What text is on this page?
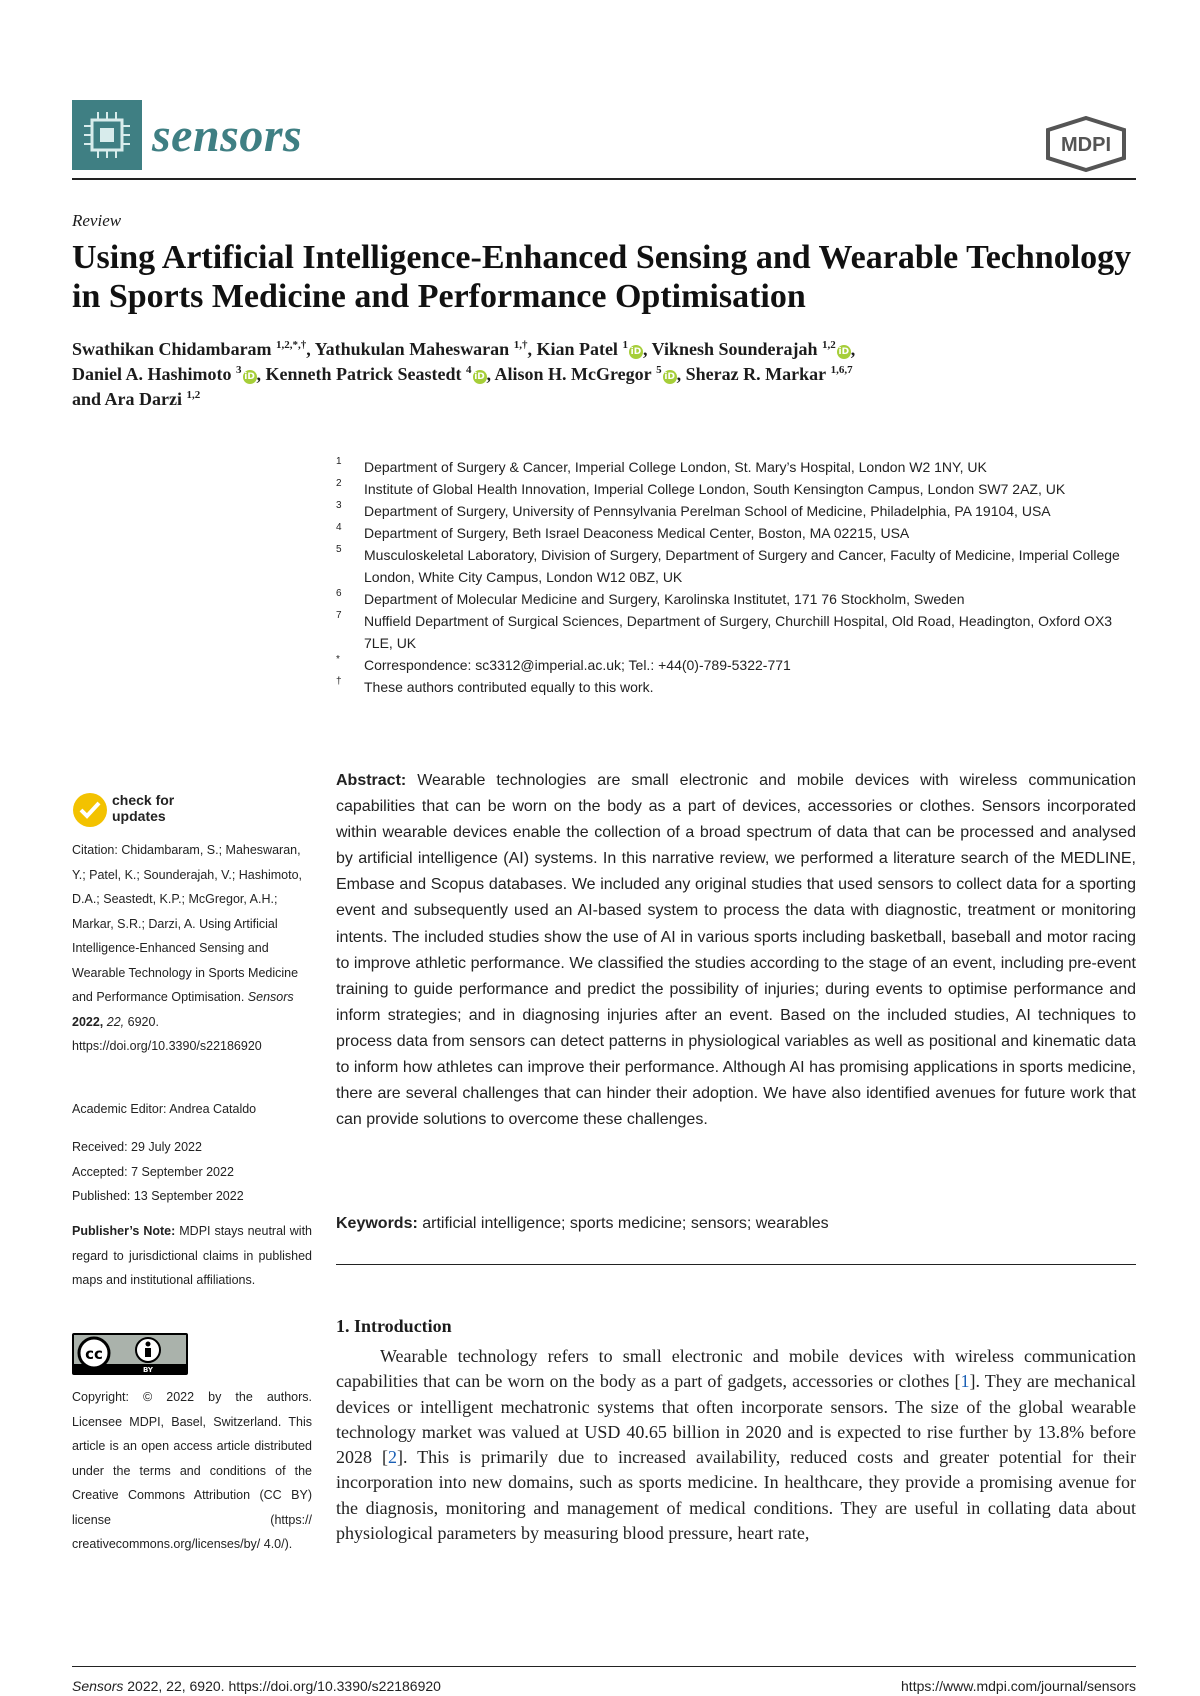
sensors	MDPI
Review
Using Artificial Intelligence-Enhanced Sensing and Wearable Technology in Sports Medicine and Performance Optimisation
Swathikan Chidambaram $^{1,2,*,\dagger}$, Yathukulan Maheswaran $^{1,\dagger}$, Kian Patel $^1$iD, Viknesh Sounderajah $^{1,2}$iD,
Daniel A. Hashimoto $^3$iD, Kenneth Patrick Seastedt $^4$iD, Alison H. McGregor $^5$iD, Sheraz R. Markar $^{1,6,7}$
and Ara Darzi $^{1,2}$
1 Department of Surgery & Cancer, Imperial College London, St. Mary’s Hospital, London W2 1NY, UK
2 Institute of Global Health Innovation, Imperial College London, South Kensington Campus, London SW7 2AZ, UK
3 Department of Surgery, University of Pennsylvania Perelman School of Medicine, Philadelphia, PA 19104, USA
4 Department of Surgery, Beth Israel Deaconess Medical Center, Boston, MA 02215, USA
5 Musculoskeletal Laboratory, Division of Surgery, Department of Surgery and Cancer, Faculty of Medicine, Imperial College London, White City Campus, London W12 0BZ, UK
6 Department of Molecular Medicine and Surgery, Karolinska Institutet, 171 76 Stockholm, Sweden
7 Nuffield Department of Surgical Sciences, Department of Surgery, Churchill Hospital, Old Road, Headington, Oxford OX3 7LE, UK
* Correspondence: sc3312@imperial.ac.uk; Tel.: +44(0)-789-5322-771
† These authors contributed equally to this work.
check for
updates
Citation: Chidambaram, S.; Maheswaran, Y.; Patel, K.; Sounderajah, V.; Hashimoto, D.A.; Seastedt, K.P.; McGregor, A.H.; Markar, S.R.; Darzi, A. Using Artificial Intelligence-Enhanced Sensing and Wearable Technology in Sports Medicine and Performance Optimisation. Sensors 2022, 22, 6920. https://doi.org/10.3390/s22186920
Academic Editor: Andrea Cataldo
Received: 29 July 2022
Accepted: 7 September 2022
Published: 13 September 2022
Publisher’s Note: MDPI stays neutral with regard to jurisdictional claims in published maps and institutional affiliations.
cc
BY
Copyright: © 2022 by the authors. Licensee MDPI, Basel, Switzerland. This article is an open access article distributed under the terms and conditions of the Creative Commons Attribution (CC BY) license (https:// creativecommons.org/licenses/by/ 4.0/).
Abstract: Wearable technologies are small electronic and mobile devices with wireless communication capabilities that can be worn on the body as a part of devices, accessories or clothes. Sensors incorporated within wearable devices enable the collection of a broad spectrum of data that can be processed and analysed by artificial intelligence (AI) systems. In this narrative review, we performed a literature search of the MEDLINE, Embase and Scopus databases. We included any original studies that used sensors to collect data for a sporting event and subsequently used an AI-based system to process the data with diagnostic, treatment or monitoring intents. The included studies show the use of AI in various sports including basketball, baseball and motor racing to improve athletic performance. We classified the studies according to the stage of an event, including pre-event training to guide performance and predict the possibility of injuries; during events to optimise performance and inform strategies; and in diagnosing injuries after an event. Based on the included studies, AI techniques to process data from sensors can detect patterns in physiological variables as well as positional and kinematic data to inform how athletes can improve their performance. Although AI has promising applications in sports medicine, there are several challenges that can hinder their adoption. We have also identified avenues for future work that can provide solutions to overcome these challenges.
Keywords: artificial intelligence; sports medicine; sensors; wearables
1. Introduction
Wearable technology refers to small electronic and mobile devices with wireless communication capabilities that can be worn on the body as a part of gadgets, accessories or clothes [1]. They are mechanical devices or intelligent mechatronic systems that often incorporate sensors. The size of the global wearable technology market was valued at USD 40.65 billion in 2020 and is expected to rise further by 13.8% before 2028 [2]. This is primarily due to increased availability, reduced costs and greater potential for their incorporation into new domains, such as sports medicine. In healthcare, they provide a promising avenue for the diagnosis, monitoring and management of medical conditions. They are useful in collating data about physiological parameters by measuring blood pressure, heart rate,
Sensors 2022, 22, 6920. https://doi.org/10.3390/s22186920	https://www.mdpi.com/journal/sensors
